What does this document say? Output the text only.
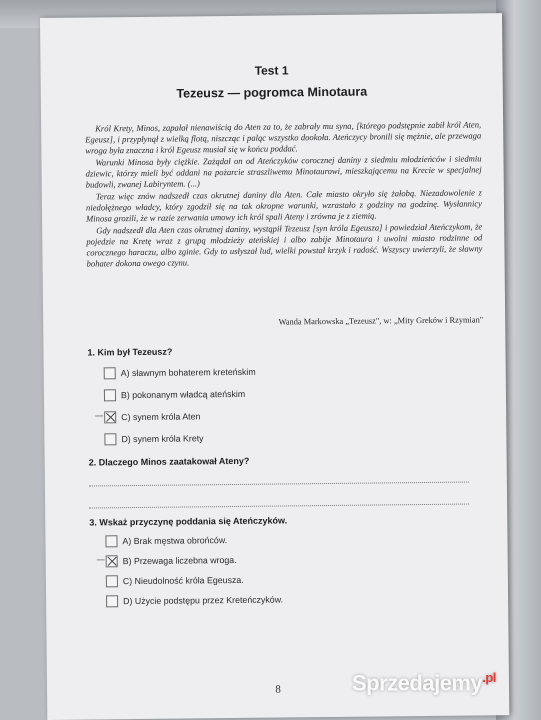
Test 1
Tezeusz — pogromca Minotaura

Król Krety, Minos, zapałał nienawiścią do Aten za to, że zabrały mu syna, [którego podstępnie zabił król Aten, Egeusz], i przypłynął z wielką flotą, niszcząc i paląc wszystko dookoła. Ateńczycy bronili się mężnie, ale przewaga wroga była znaczna i król Egeusz musiał się w końcu poddać.

Warunki Minosa były ciężkie. Zażądał on od Ateńczyków corocznej daniny z siedmiu młodzieńców i siedmiu dziewic, którzy mieli być oddani na pożarcie straszliwemu Minotaurowi, mieszkającemu na Krecie w specjalnej budowli, zwanej Labiryntem. (...)

Teraz więc znów nadszedł czas okrutnej daniny dla Aten. Całe miasto okryło się żałobą. Niezadowolenie z niedołężnego władcy, który zgodził się na tak okropne warunki, wzrastało z godziny na godzinę. Wysłannicy Minosa grozili, że w razie zerwania umowy ich król spali Ateny i zrówna je z ziemią.

Gdy nadszedł dla Aten czas okrutnej daniny, wystąpił Tezeusz [syn króla Egeusza] i powiedział Ateńczykom, że pojedzie na Kretę wraz z grupą młodzieży ateńskiej i albo zabije Minotaura i uwolni miasto rodzinne od corocznego haraczu, albo zginie. Gdy to usłyszał lud, wielki powstał krzyk i radość. Wszyscy uwierzyli, że sławny bohater dokona owego czynu.

Wanda Markowska „Tezeusz", w: „Mity Greków i Rzymian"
1. Kim był Tezeusz?
A) sławnym bohaterem kreteńskim
B) pokonanym władcą ateńskim
C) synem króla Aten
D) synem króla Krety
2. Dlaczego Minos zaatakował Ateny?
3. Wskaż przyczynę poddania się Ateńczyków.
A) Brak męstwa obrońców.
B) Przewaga liczebna wroga.
C) Nieudolność króla Egeusza.
D) Użycie podstępu przez Kreteńczyków.
8	Sprzedajemy$^{.pl}$
